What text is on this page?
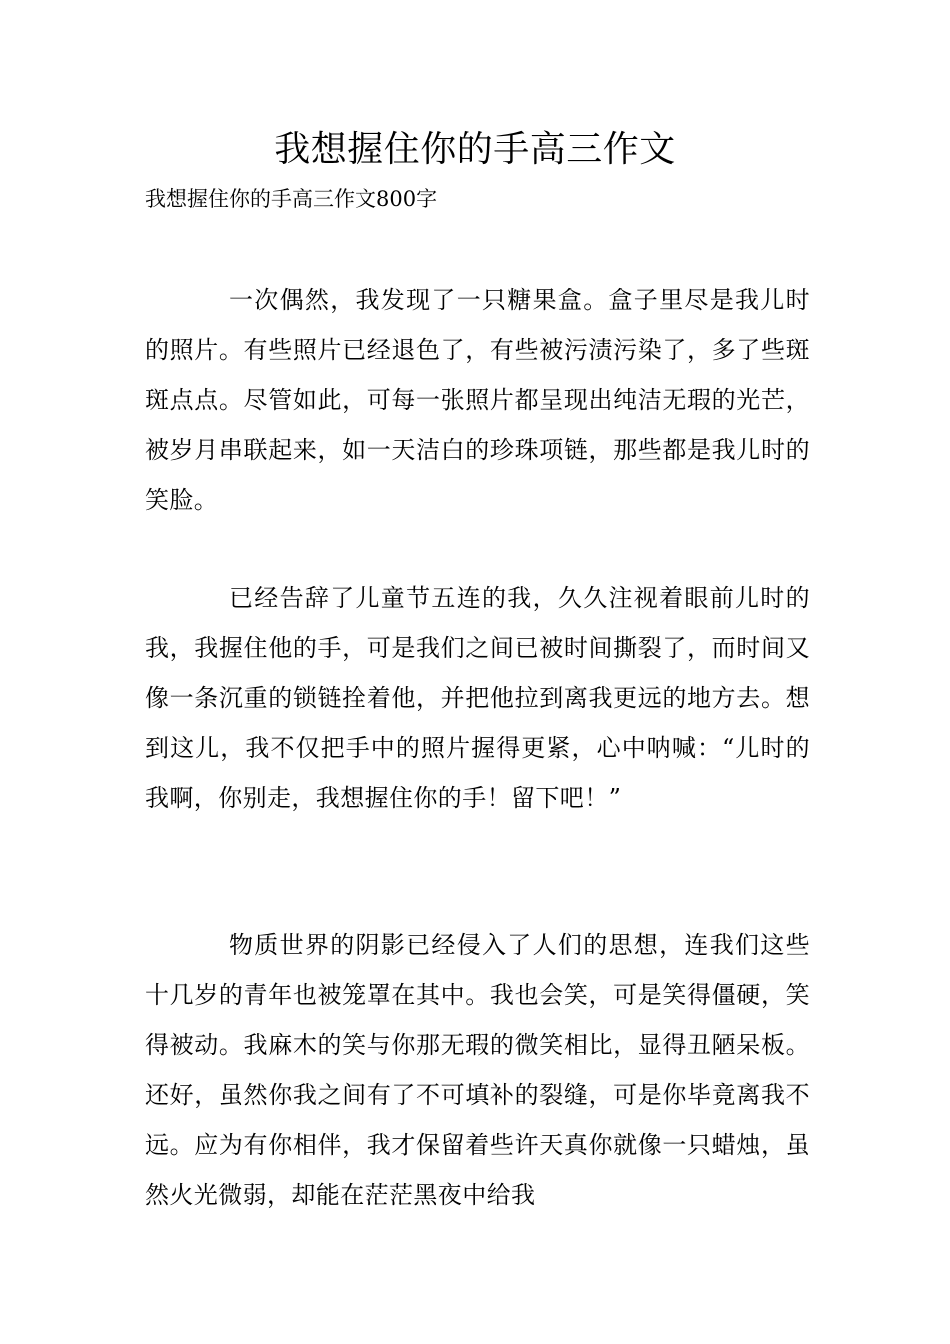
我想握住你的手高三作文
我想握住你的手高三作文800字

一次偶然，我发现了一只糖果盒。盒子里尽是我儿时的照片。有些照片已经退色了，有些被污渍污染了，多了些斑斑点点。尽管如此，可每一张照片都呈现出纯洁无瑕的光芒，被岁月串联起来，如一天洁白的珍珠项链，那些都是我儿时的笑脸。

已经告辞了儿童节五连的我，久久注视着眼前儿时的我，我握住他的手，可是我们之间已被时间撕裂了，而时间又像一条沉重的锁链拴着他，并把他拉到离我更远的地方去。想到这儿，我不仅把手中的照片握得更紧，心中呐喊：“儿时的我啊，你别走，我想握住你的手！留下吧！”

物质世界的阴影已经侵入了人们的思想，连我们这些十几岁的青年也被笼罩在其中。我也会笑，可是笑得僵硬，笑得被动。我麻木的笑与你那无瑕的微笑相比，显得丑陋呆板。还好，虽然你我之间有了不可填补的裂缝，可是你毕竟离我不远。应为有你相伴，我才保留着些许天真你就像一只蜡烛，虽然火光微弱，却能在茫茫黑夜中给我
